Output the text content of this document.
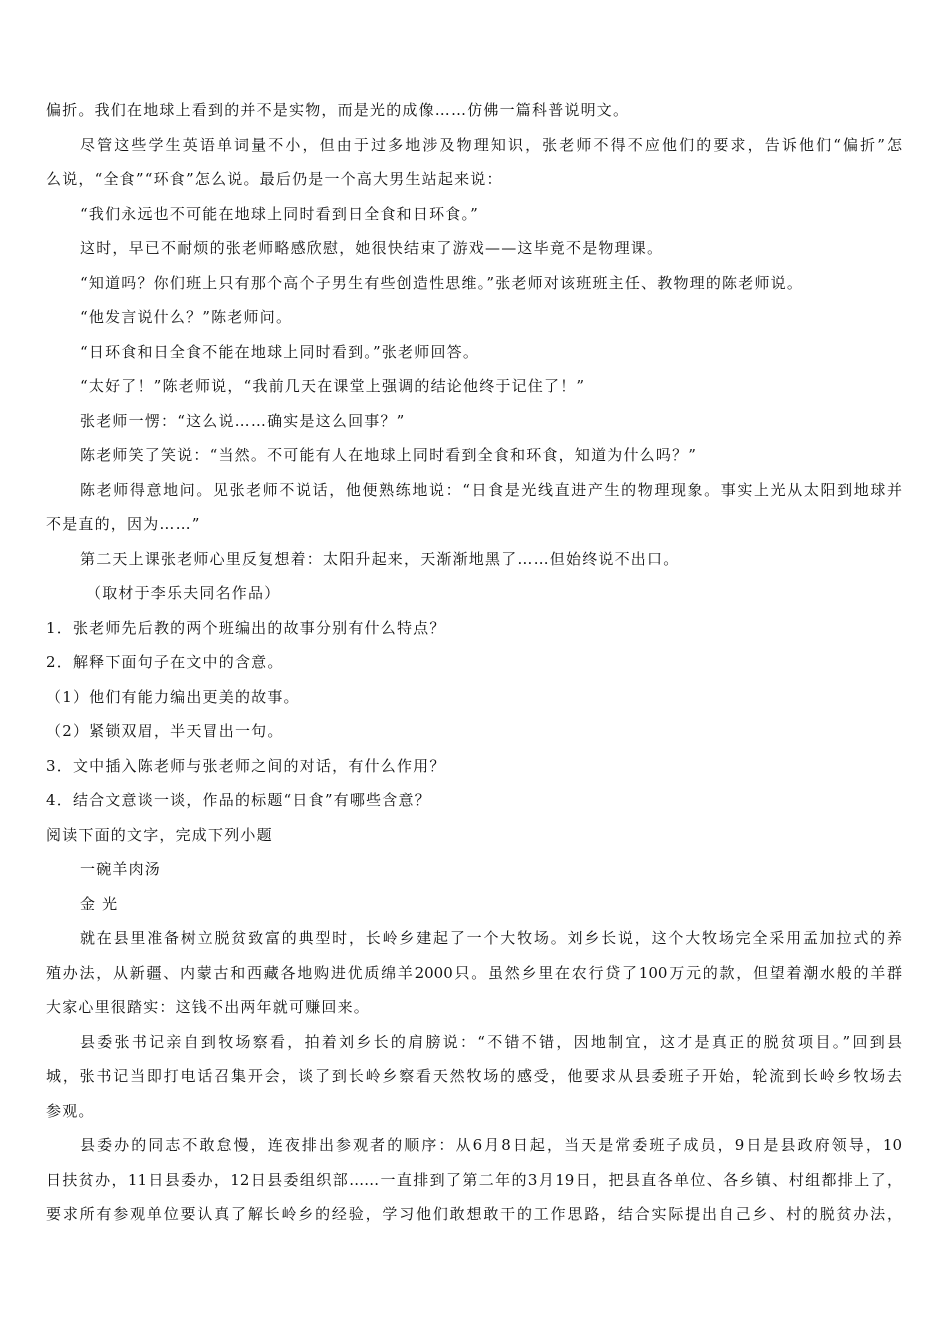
偏折。我们在地球上看到的并不是实物，而是光的成像……仿佛一篇科普说明文。
尽管这些学生英语单词量不小，但由于过多地涉及物理知识，张老师不得不应他们的要求，告诉他们“偏折”怎
么说，“全食”“环食”怎么说。最后仍是一个高大男生站起来说：
“我们永远也不可能在地球上同时看到日全食和日环食。”
这时，早已不耐烦的张老师略感欣慰，她很快结束了游戏——这毕竟不是物理课。
“知道吗？你们班上只有那个高个子男生有些创造性思维。”张老师对该班班主任、教物理的陈老师说。
“他发言说什么？”陈老师问。
“日环食和日全食不能在地球上同时看到。”张老师回答。
“太好了！”陈老师说，“我前几天在课堂上强调的结论他终于记住了！”
张老师一愣：“这么说……确实是这么回事？”
陈老师笑了笑说：“当然。不可能有人在地球上同时看到全食和环食，知道为什么吗？”
陈老师得意地问。见张老师不说话，他便熟练地说：“日食是光线直进产生的物理现象。事实上光从太阳到地球并
不是直的，因为……”
第二天上课张老师心里反复想着：太阳升起来，天渐渐地黑了……但始终说不出口。
（取材于李乐夫同名作品）
1．张老师先后教的两个班编出的故事分别有什么特点？
2．解释下面句子在文中的含意。
（1）他们有能力编出更美的故事。
（2）紧锁双眉，半天冒出一句。
3．文中插入陈老师与张老师之间的对话，有什么作用？
4．结合文意谈一谈，作品的标题“日食”有哪些含意？
阅读下面的文字，完成下列小题
一碗羊肉汤
金 光
就在县里准备树立脱贫致富的典型时，长岭乡建起了一个大牧场。刘乡长说，这个大牧场完全采用孟加拉式的养
殖办法，从新疆、内蒙古和西藏各地购进优质绵羊2000只。虽然乡里在农行贷了100万元的款，但望着潮水般的羊群
大家心里很踏实：这钱不出两年就可赚回来。
县委张书记亲自到牧场察看，拍着刘乡长的肩膀说：“不错不错，因地制宜，这才是真正的脱贫项目。”回到县
城，张书记当即打电话召集开会，谈了到长岭乡察看天然牧场的感受，他要求从县委班子开始，轮流到长岭乡牧场去
参观。
县委办的同志不敢怠慢，连夜排出参观者的顺序：从6月8日起，当天是常委班子成员，9日是县政府领导，10
日扶贫办，11日县委办，12日县委组织部……一直排到了第二年的3月19日，把县直各单位、各乡镇、村组都排上了，
要求所有参观单位要认真了解长岭乡的经验，学习他们敢想敢干的工作思路，结合实际提出自己乡、村的脱贫办法，
